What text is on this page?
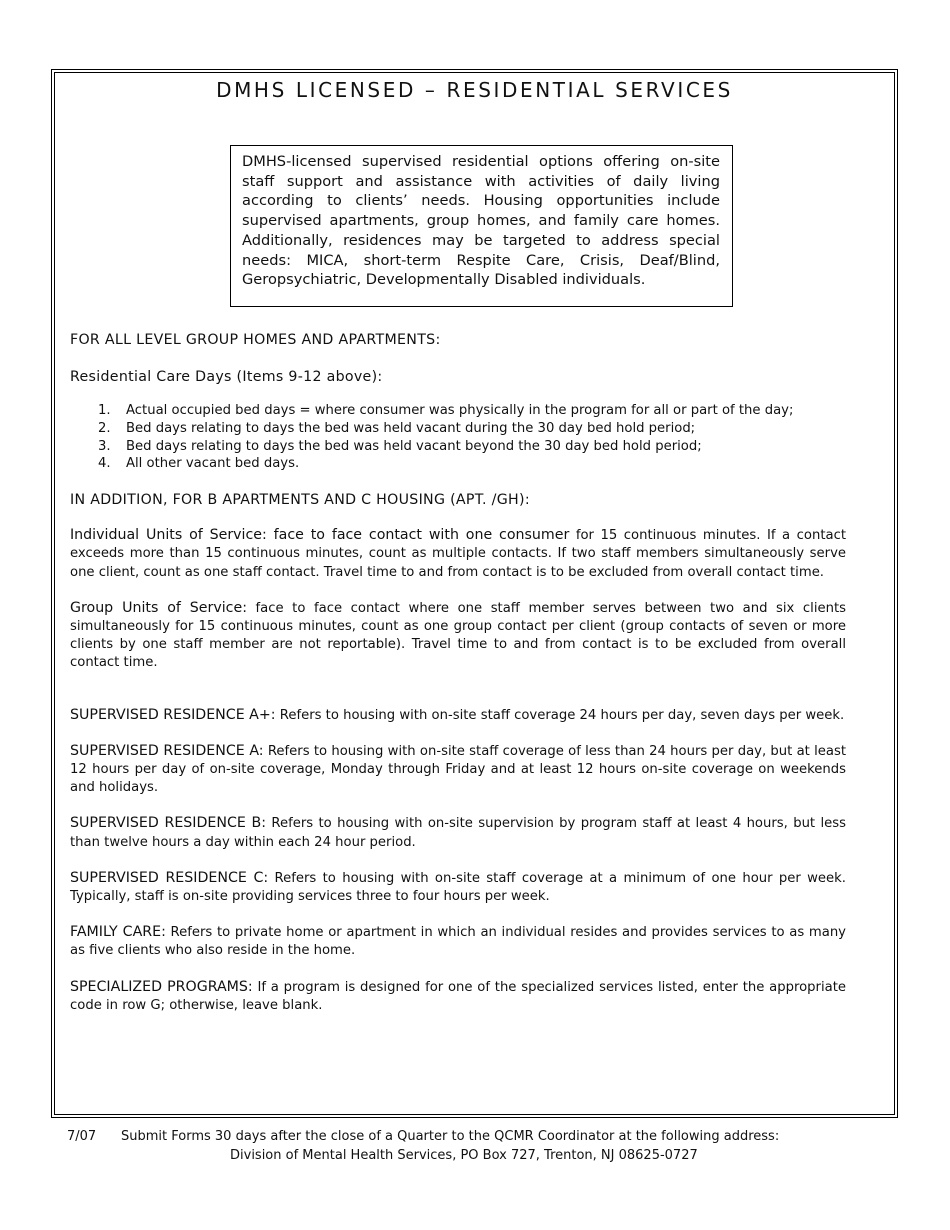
DMHS LICENSED – RESIDENTIAL SERVICES

DMHS-licensed supervised residential options offering on-site staff support and assistance with activities of daily living according to clients’ needs. Housing opportunities include supervised apartments, group homes, and family care homes. Additionally, residences may be targeted to address special needs: MICA, short-term Respite Care, Crisis, Deaf/Blind, Geropsychiatric, Developmentally Disabled individuals.

FOR ALL LEVEL GROUP HOMES AND APARTMENTS:

Residential Care Days (Items 9-12 above):

1.	Actual occupied bed days = where consumer was physically in the program for all or part of the day;
2.	Bed days relating to days the bed was held vacant during the 30 day bed hold period;
3.	Bed days relating to days the bed was held vacant beyond the 30 day bed hold period;
4.	All other vacant bed days.

IN ADDITION, FOR B APARTMENTS AND C HOUSING (APT. /GH):

Individual Units of Service: face to face contact with one consumer for 15 continuous minutes. If a contact exceeds more than 15 continuous minutes, count as multiple contacts. If two staff members simultaneously serve one client, count as one staff contact. Travel time to and from contact is to be excluded from overall contact time.

Group Units of Service: face to face contact where one staff member serves between two and six clients simultaneously for 15 continuous minutes, count as one group contact per client (group contacts of seven or more clients by one staff member are not reportable). Travel time to and from contact is to be excluded from overall contact time.

SUPERVISED RESIDENCE A+: Refers to housing with on-site staff coverage 24 hours per day, seven days per week.

SUPERVISED RESIDENCE A: Refers to housing with on-site staff coverage of less than 24 hours per day, but at least 12 hours per day of on-site coverage, Monday through Friday and at least 12 hours on-site coverage on weekends and holidays.

SUPERVISED RESIDENCE B: Refers to housing with on-site supervision by program staff at least 4 hours, but less than twelve hours a day within each 24 hour period.

SUPERVISED RESIDENCE C: Refers to housing with on-site staff coverage at a minimum of one hour per week. Typically, staff is on-site providing services three to four hours per week.

FAMILY CARE: Refers to private home or apartment in which an individual resides and provides services to as many as five clients who also reside in the home.

SPECIALIZED PROGRAMS: If a program is designed for one of the specialized services listed, enter the appropriate code in row G; otherwise, leave blank.

7/07	Submit Forms 30 days after the close of a Quarter to the QCMR Coordinator at the following address:
Division of Mental Health Services, PO Box 727, Trenton, NJ 08625-0727
